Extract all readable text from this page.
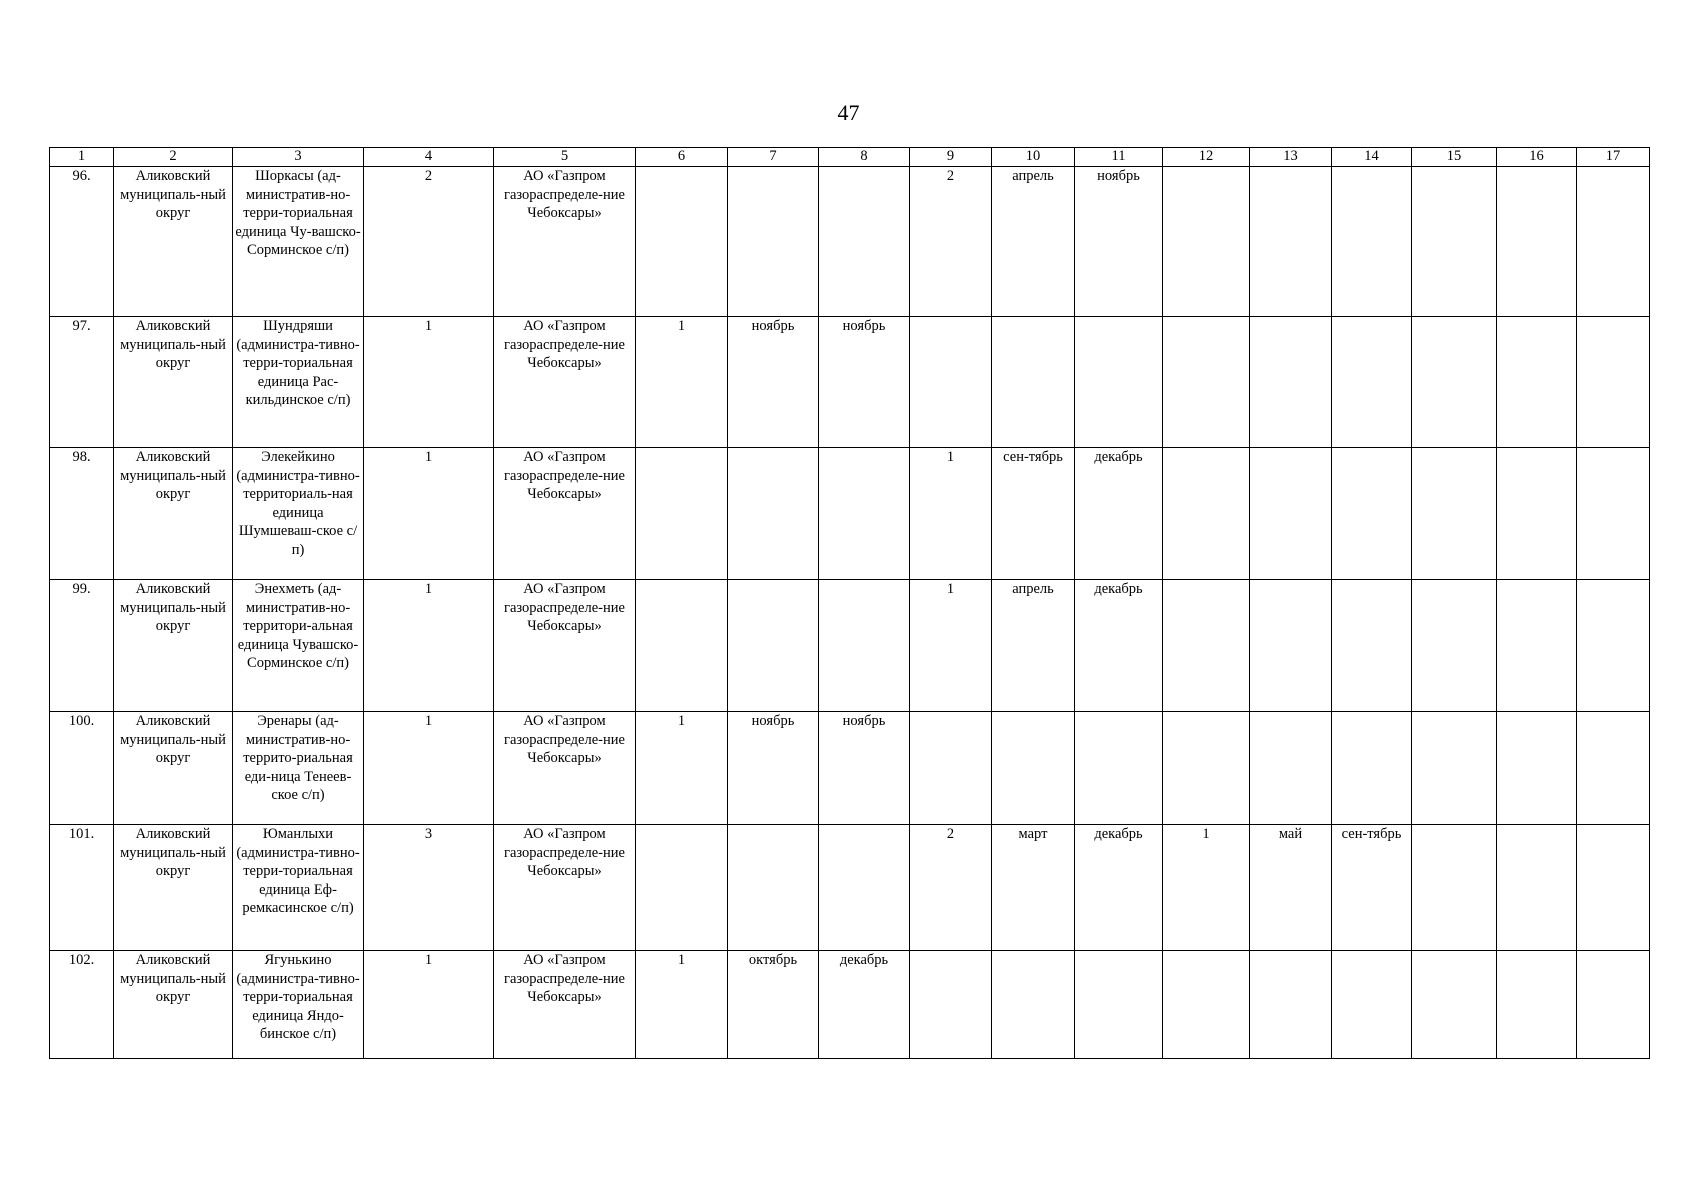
47
1	2	3	4	5	6	7	8	9	10	11	12	13	14	15	16	17
96.	Аликовский муниципаль-ный округ	Шоркасы (ад-министратив-но-терри-ториальная единица Чу-вашско-Сорминское с/п)	2	АО «Газпром газораспределе-ние Чебоксары»				2	апрель	ноябрь						
97.	Аликовский муниципаль-ный округ	Шундряши (администра-тивно-терри-ториальная единица Рас-кильдинское с/п)	1	АО «Газпром газораспределе-ние Чебоксары»	1	ноябрь	ноябрь									
98.	Аликовский муниципаль-ный округ	Элекейкино (администра-тивно-территориаль-ная единица Шумшеваш-ское с/п)	1	АО «Газпром газораспределе-ние Чебоксары»				1	сен-тябрь	декабрь						
99.	Аликовский муниципаль-ный округ	Энехметь (ад-министратив-но-территори-альная единица Чувашско-Сорминское с/п)	1	АО «Газпром газораспределе-ние Чебоксары»				1	апрель	декабрь						
100.	Аликовский муниципаль-ный округ	Эренары (ад-министратив-но-террито-риальная еди-ница Тенеев-ское с/п)	1	АО «Газпром газораспределе-ние Чебоксары»	1	ноябрь	ноябрь									
101.	Аликовский муниципаль-ный округ	Юманлыхи (администра-тивно-терри-ториальная единица Еф-ремкасинское с/п)	3	АО «Газпром газораспределе-ние Чебоксары»				2	март	декабрь	1	май	сен-тябрь			
102.	Аликовский муниципаль-ный округ	Ягунькино (администра-тивно-терри-ториальная единица Яндо-бинское с/п)	1	АО «Газпром газораспределе-ние Чебоксары»	1	октябрь	декабрь									
